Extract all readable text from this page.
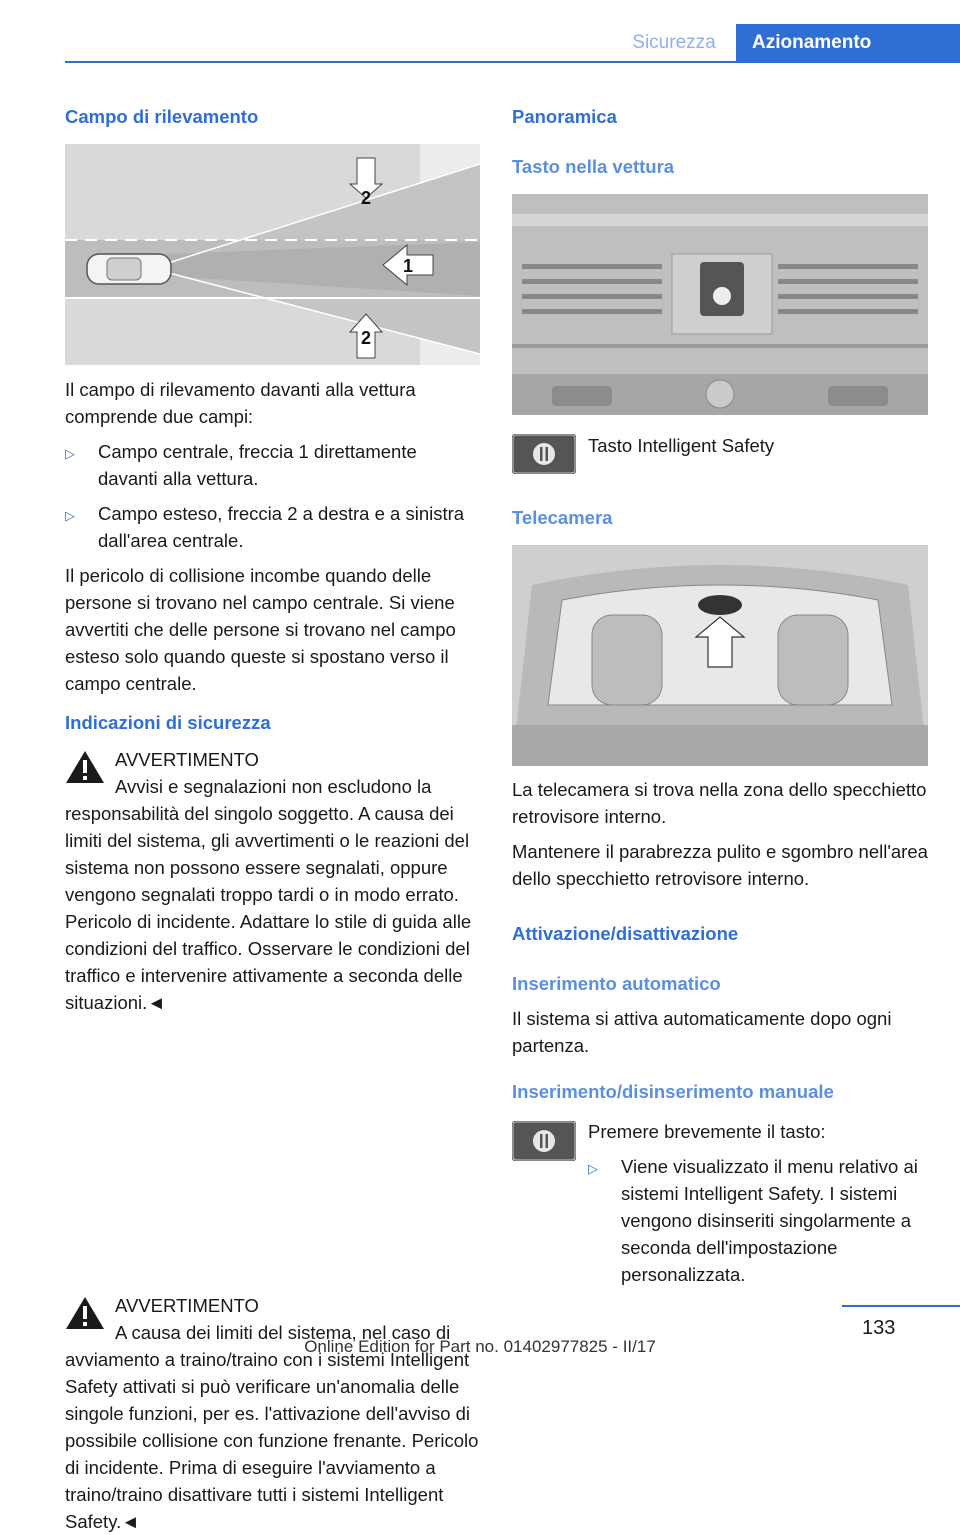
Sicurezza	Azionamento
Campo di rilevamento
2
1
2

Il campo di rilevamento davanti alla vettura comprende due campi:

▷	Campo centrale, freccia 1 direttamente davanti alla vettura.
▷	Campo esteso, freccia 2 a destra e a sinistra dall'area centrale.

Il pericolo di collisione incombe quando delle persone si trovano nel campo centrale. Si viene avvertiti che delle persone si trovano nel campo esteso solo quando queste si spostano verso il campo centrale.

Indicazioni di sicurezza

AVVERTIMENTO

Avvisi e segnalazioni non escludono la responsabilità del singolo soggetto. A causa dei limiti del sistema, gli avvertimenti o le reazioni del sistema non possono essere segnalati, oppure vengono segnalati troppo tardi o in modo errato. Pericolo di incidente. Adattare lo stile di guida alle condizioni del traffico. Osservare le condizioni del traffico e intervenire attivamente a seconda delle situazioni.◄

AVVERTIMENTO

A causa dei limiti del sistema, nel caso di avviamento a traino/traino con i sistemi Intelligent Safety attivati si può verificare un'anomalia delle singole funzioni, per es. l'attivazione dell'avviso di possibile collisione con funzione frenante. Pericolo di incidente. Prima di eseguire l'avviamento a traino/traino disattivare tutti i sistemi Intelligent Safety.◄

Panoramica
Tasto nella vettura

Tasto Intelligent Safety

Telecamera

La telecamera si trova nella zona dello specchietto retrovisore interno.

Mantenere il parabrezza pulito e sgombro nell'area dello specchietto retrovisore interno.

Attivazione/disattivazione
Inserimento automatico

Il sistema si attiva automaticamente dopo ogni partenza.

Inserimento/disinserimento manuale

Premere brevemente il tasto:

▷	Viene visualizzato il menu relativo ai sistemi Intelligent Safety. I sistemi vengono disinseriti singolarmente a seconda dell'impostazione personalizzata.
133
Online Edition for Part no. 01402977825 - II/17
